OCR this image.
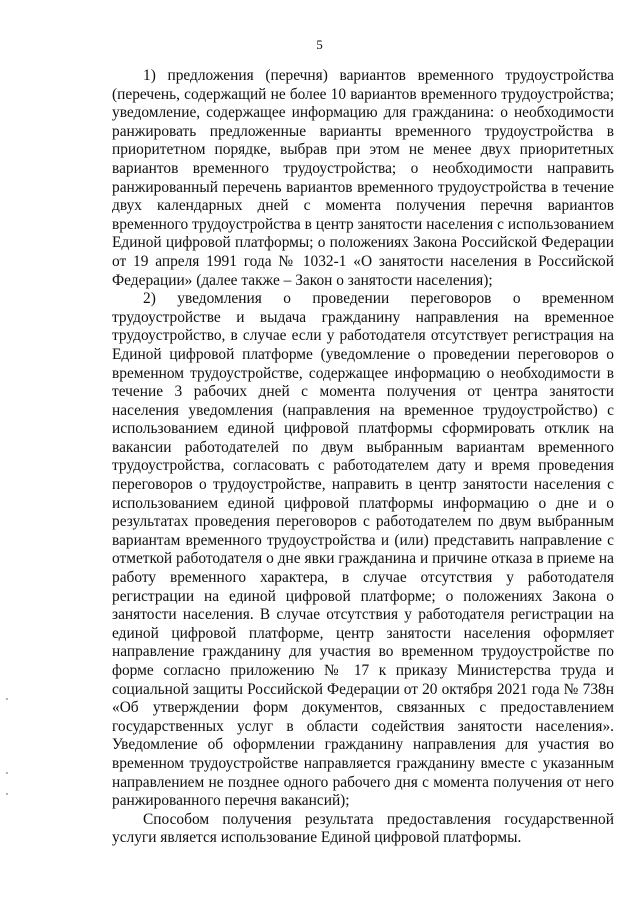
5

1) предложения (перечня) вариантов временного трудоустройства (перечень, содержащий не более 10 вариантов временного трудоустройства; уведомление, содержащее информацию для гражданина: о необходимости ранжировать предложенные варианты временного трудоустройства в приоритетном порядке, выбрав при этом не менее двух приоритетных вариантов временного трудоустройства; о необходимости направить ранжированный перечень вариантов временного трудоустройства в течение двух календарных дней с момента получения перечня вариантов временного трудоустройства в центр занятости населения с использованием Единой цифровой платформы; о положениях Закона Российской Федерации от 19 апреля 1991 года № 1032-1 «О занятости населения в Российской Федерации» (далее также – Закон о занятости населения);

2) уведомления о проведении переговоров о временном трудоустройстве и выдача гражданину направления на временное трудоустройство, в случае если у работодателя отсутствует регистрация на Единой цифровой платформе (уведомление о проведении переговоров о временном трудоустройстве, содержащее информацию о необходимости в течение 3 рабочих дней с момента получения от центра занятости населения уведомления (направления на временное трудоустройство) с использованием единой цифровой платформы сформировать отклик на вакансии работодателей по двум выбранным вариантам временного трудоустройства, согласовать с работодателем дату и время проведения переговоров о трудоустройстве, направить в центр занятости населения с использованием единой цифровой платформы информацию о дне и о результатах проведения переговоров с работодателем по двум выбранным вариантам временного трудоустройства и (или) представить направление с отметкой работодателя о дне явки гражданина и причине отказа в приеме на работу временного характера, в случае отсутствия у работодателя регистрации на единой цифровой платформе; о положениях Закона о занятости населения. В случае отсутствия у работодателя регистрации на единой цифровой платформе, центр занятости населения оформляет направление гражданину для участия во временном трудоустройстве по форме согласно приложению № 17 к приказу Министерства труда и социальной защиты Российской Федерации от 20 октября 2021 года № 738н «Об утверждении форм документов, связанных с предоставлением государственных услуг в области содействия занятости населения». Уведомление об оформлении гражданину направления для участия во временном трудоустройстве направляется гражданину вместе с указанным направлением не позднее одного рабочего дня с момента получения от него ранжированного перечня вакансий);

Способом получения результата предоставления государственной услуги является использование Единой цифровой платформы.
